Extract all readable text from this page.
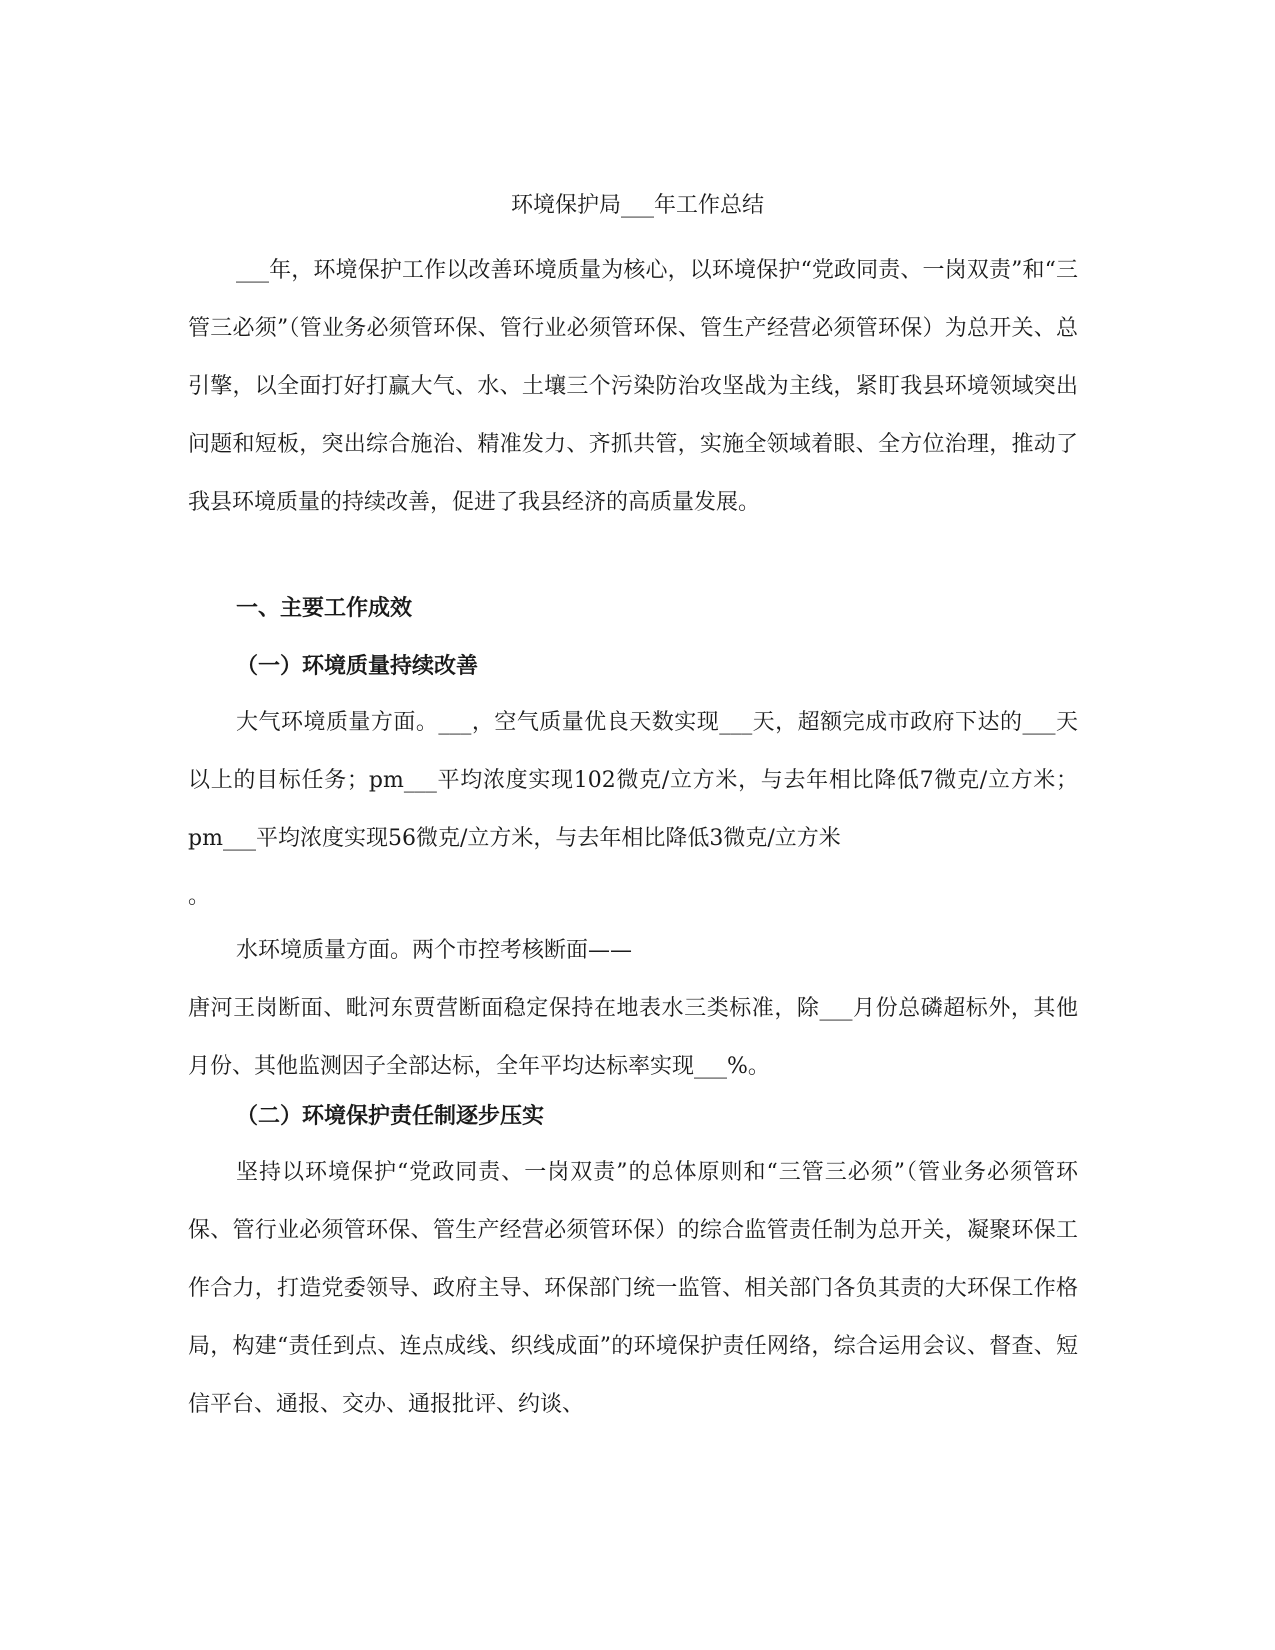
环境保护局___年工作总结

___年，环境保护工作以改善环境质量为核心，以环境保护“党政同责、一岗双责”和“三管三必须”（管业务必须管环保、管行业必须管环保、管生产经营必须管环保）为总开关、总引擎，以全面打好打赢大气、水、土壤三个污染防治攻坚战为主线，紧盯我县环境领域突出问题和短板，突出综合施治、精准发力、齐抓共管，实施全领域着眼、全方位治理，推动了我县环境质量的持续改善，促进了我县经济的高质量发展。

一、主要工作成效
（一）环境质量持续改善

大气环境质量方面。___，空气质量优良天数实现___天，超额完成市政府下达的___天以上的目标任务；pm___平均浓度实现102微克/立方米，与去年相比降低7微克/立方米；pm___平均浓度实现56微克/立方米，与去年相比降低3微克/立方米

。

水环境质量方面。两个市控考核断面——

唐河王岗断面、毗河东贾营断面稳定保持在地表水三类标准，除___月份总磷超标外，其他月份、其他监测因子全部达标，全年平均达标率实现___%。

（二）环境保护责任制逐步压实

坚持以环境保护“党政同责、一岗双责”的总体原则和“三管三必须”（管业务必须管环保、管行业必须管环保、管生产经营必须管环保）的综合监管责任制为总开关，凝聚环保工作合力，打造党委领导、政府主导、环保部门统一监管、相关部门各负其责的大环保工作格局，构建“责任到点、连点成线、织线成面”的环境保护责任网络，综合运用会议、督查、短信平台、通报、交办、通报批评、约谈、
